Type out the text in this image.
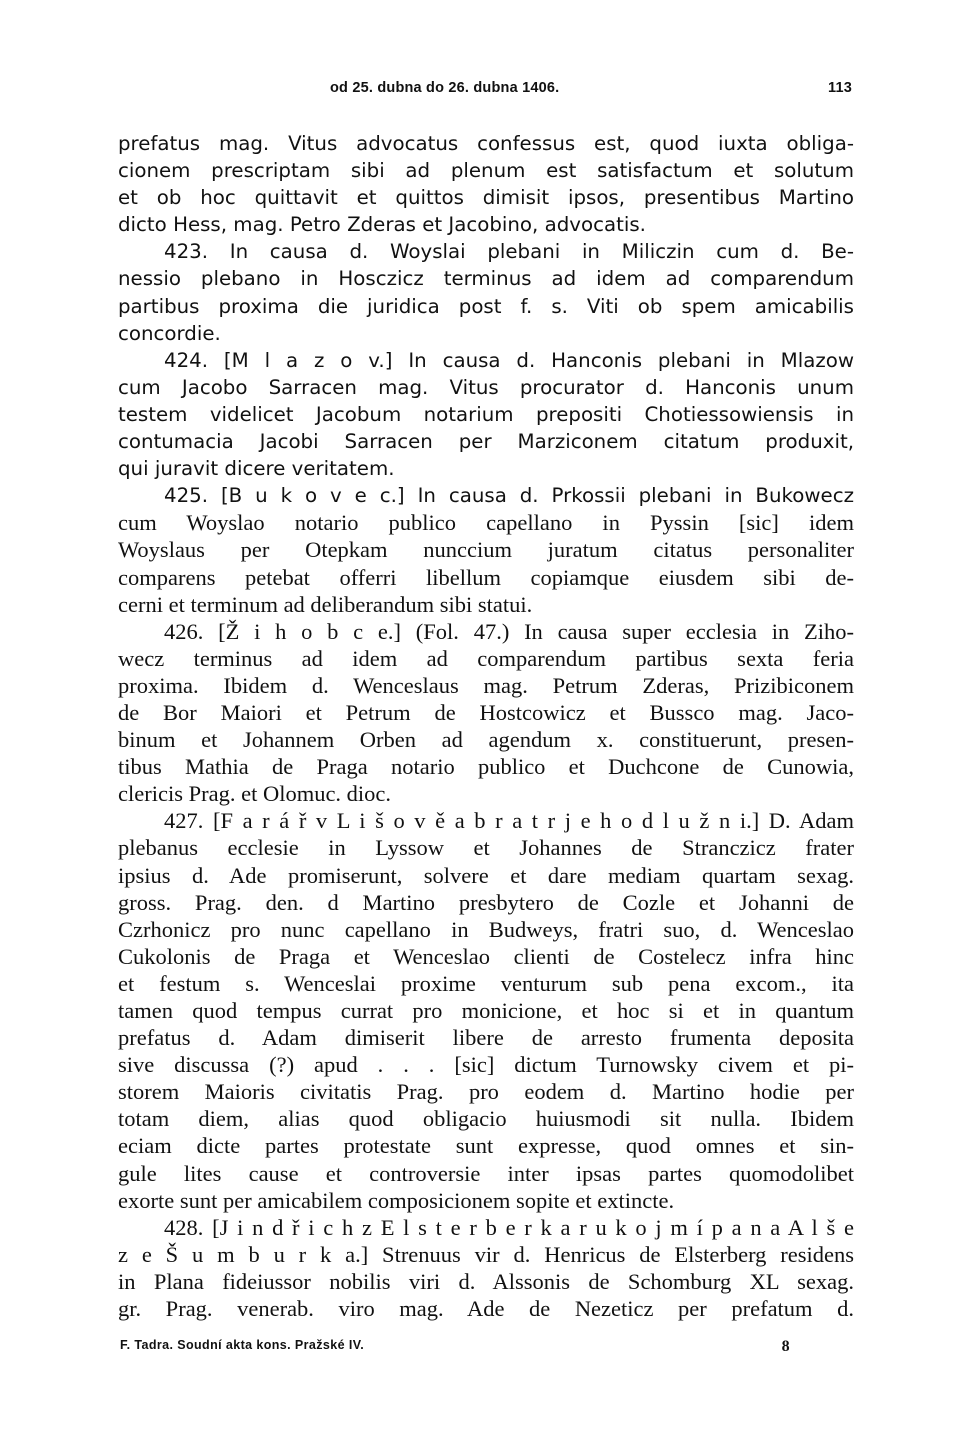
od 25. dubna do 26. dubna 1406.	113
prefatus mag. Vitus advocatus confessus est, quod iuxta obliga-
cionem prescriptam sibi ad plenum est satisfactum et solutum
et ob hoc quittavit et quittos dimisit ipsos, presentibus Martino
dicto Hess, mag. Petro Zderas et Jacobino, advocatis.
423. In causa d. Woyslai plebani in Miliczin cum d. Be-
nessio plebano in Hosczicz terminus ad idem ad comparendum
partibus proxima die juridica post f. s. Viti ob spem amicabilis
concordie.
424. [M l a z o v.] In causa d. Hanconis plebani in Mlazow
cum Jacobo Sarracen mag. Vitus procurator d. Hanconis unum
testem videlicet Jacobum notarium prepositi Chotiessowiensis in
contumacia Jacobi Sarracen per Marziconem citatum produxit,
qui juravit dicere veritatem.
425. [B u k o v e c.] In causa d. Prkossii plebani in Bukowecz
cum Woyslao notario publico capellano in Pyssin [sic] idem
Woyslaus per Otepkam nunccium juratum citatus personaliter
comparens petebat offerri libellum copiamque eiusdem sibi de-
cerni et terminum ad deliberandum sibi statui.
426. [Ž i h o b c e.] (Fol. 47.) In causa super ecclesia in Ziho-
wecz terminus ad idem ad comparendum partibus sexta feria
proxima. Ibidem d. Wenceslaus mag. Petrum Zderas, Prizibiconem
de Bor Maiori et Petrum de Hostcowicz et Bussco mag. Jaco-
binum et Johannem Orben ad agendum x. constituerunt, presen-
tibus Mathia de Praga notario publico et Duchcone de Cunowia,
clericis Prag. et Olomuc. dioc.
427. [F a r á ř v L i š o v ě a b r a t r j e h o d l u ž n i.] D. Adam
plebanus ecclesie in Lyssow et Johannes de Stranczicz frater
ipsius d. Ade promiserunt, solvere et dare mediam quartam sexag.
gross. Prag. den. d Martino presbytero de Cozle et Johanni de
Czrhonicz pro nunc capellano in Budweys, fratri suo, d. Wenceslao
Cukolonis de Praga et Wenceslao clienti de Costelecz infra hinc
et festum s. Wenceslai proxime venturum sub pena excom., ita
tamen quod tempus currat pro monicione, et hoc si et in quantum
prefatus d. Adam dimiserit libere de arresto frumenta deposita
sive discussa (?) apud . . . [sic] dictum Turnowsky civem et pi-
storem Maioris civitatis Prag. pro eodem d. Martino hodie per
totam diem, alias quod obligacio huiusmodi sit nulla. Ibidem
eciam dicte partes protestate sunt expresse, quod omnes et sin-
gule lites cause et controversie inter ipsas partes quomodolibet
exorte sunt per amicabilem composicionem sopite et extincte.
428. [J i n d ř i c h z E l s t e r b e r k a r u k o j m í p a n a A l š e
z e Š u m b u r k a.] Strenuus vir d. Henricus de Elsterberg residens
in Plana fideiussor nobilis viri d. Alssonis de Schomburg XL sexag.
gr. Prag. venerab. viro mag. Ade de Nezeticz per prefatum d.
F. Tadra. Soudní akta kons. Pražské IV.	8
